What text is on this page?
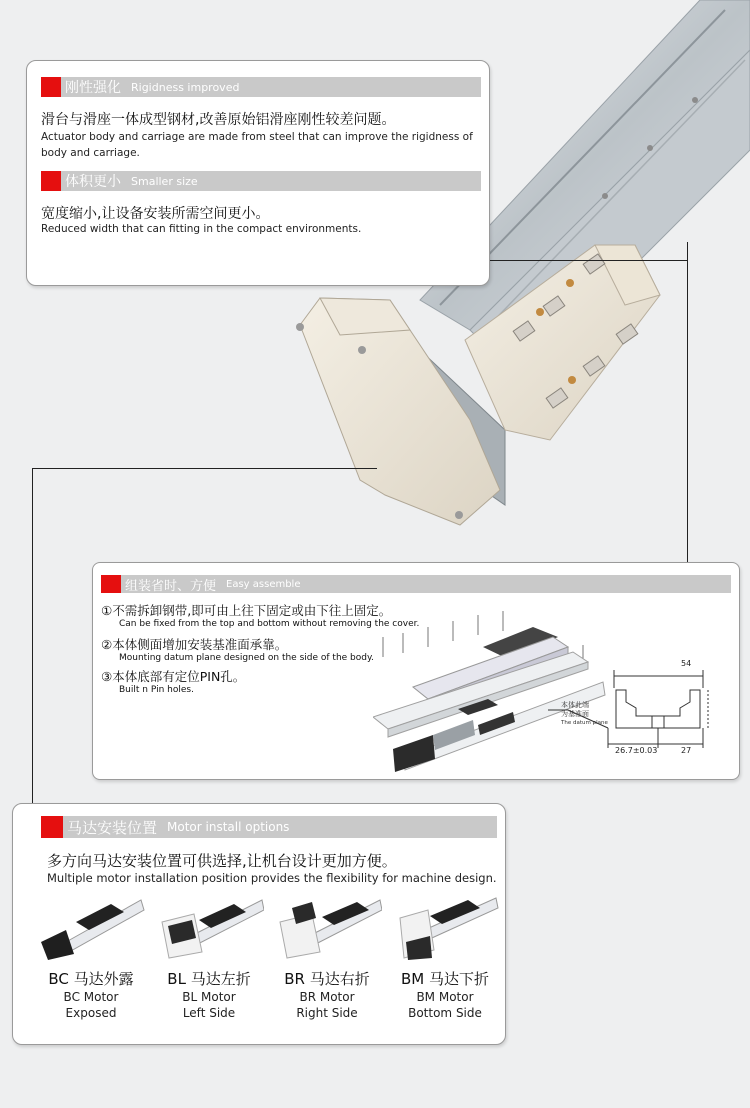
刚性强化 Rigidness improved
滑台与滑座一体成型钢材,改善原始铝滑座刚性较差问题。
Actuator body and carriage are made from steel that can improve the rigidness of body and carriage.
体积更小 Smaller size
宽度缩小,让设备安装所需空间更小。
Reduced width that can fitting in the compact environments.
组装省时、方便 Easy assemble
①不需拆卸钢带,即可由上往下固定或由下往上固定。
Can be fixed from the top and bottom without removing the cover.
②本体侧面增加安装基准面承靠。
Mounting datum plane designed on the side of the body.
③本体底部有定位PIN孔。
Built n Pin holes.
本体此端
为基准面
The datum plane
54
26.7±0.03	27
马达安装位置 Motor install options
多方向马达安装位置可供选择,让机台设计更加方便。
Multiple motor installation position provides the flexibility for machine design.
BC 马达外露
BC Motor
Exposed
BL 马达左折
BL Motor
Left Side
BR 马达右折
BR Motor
Right Side
BM 马达下折
BM Motor
Bottom Side
